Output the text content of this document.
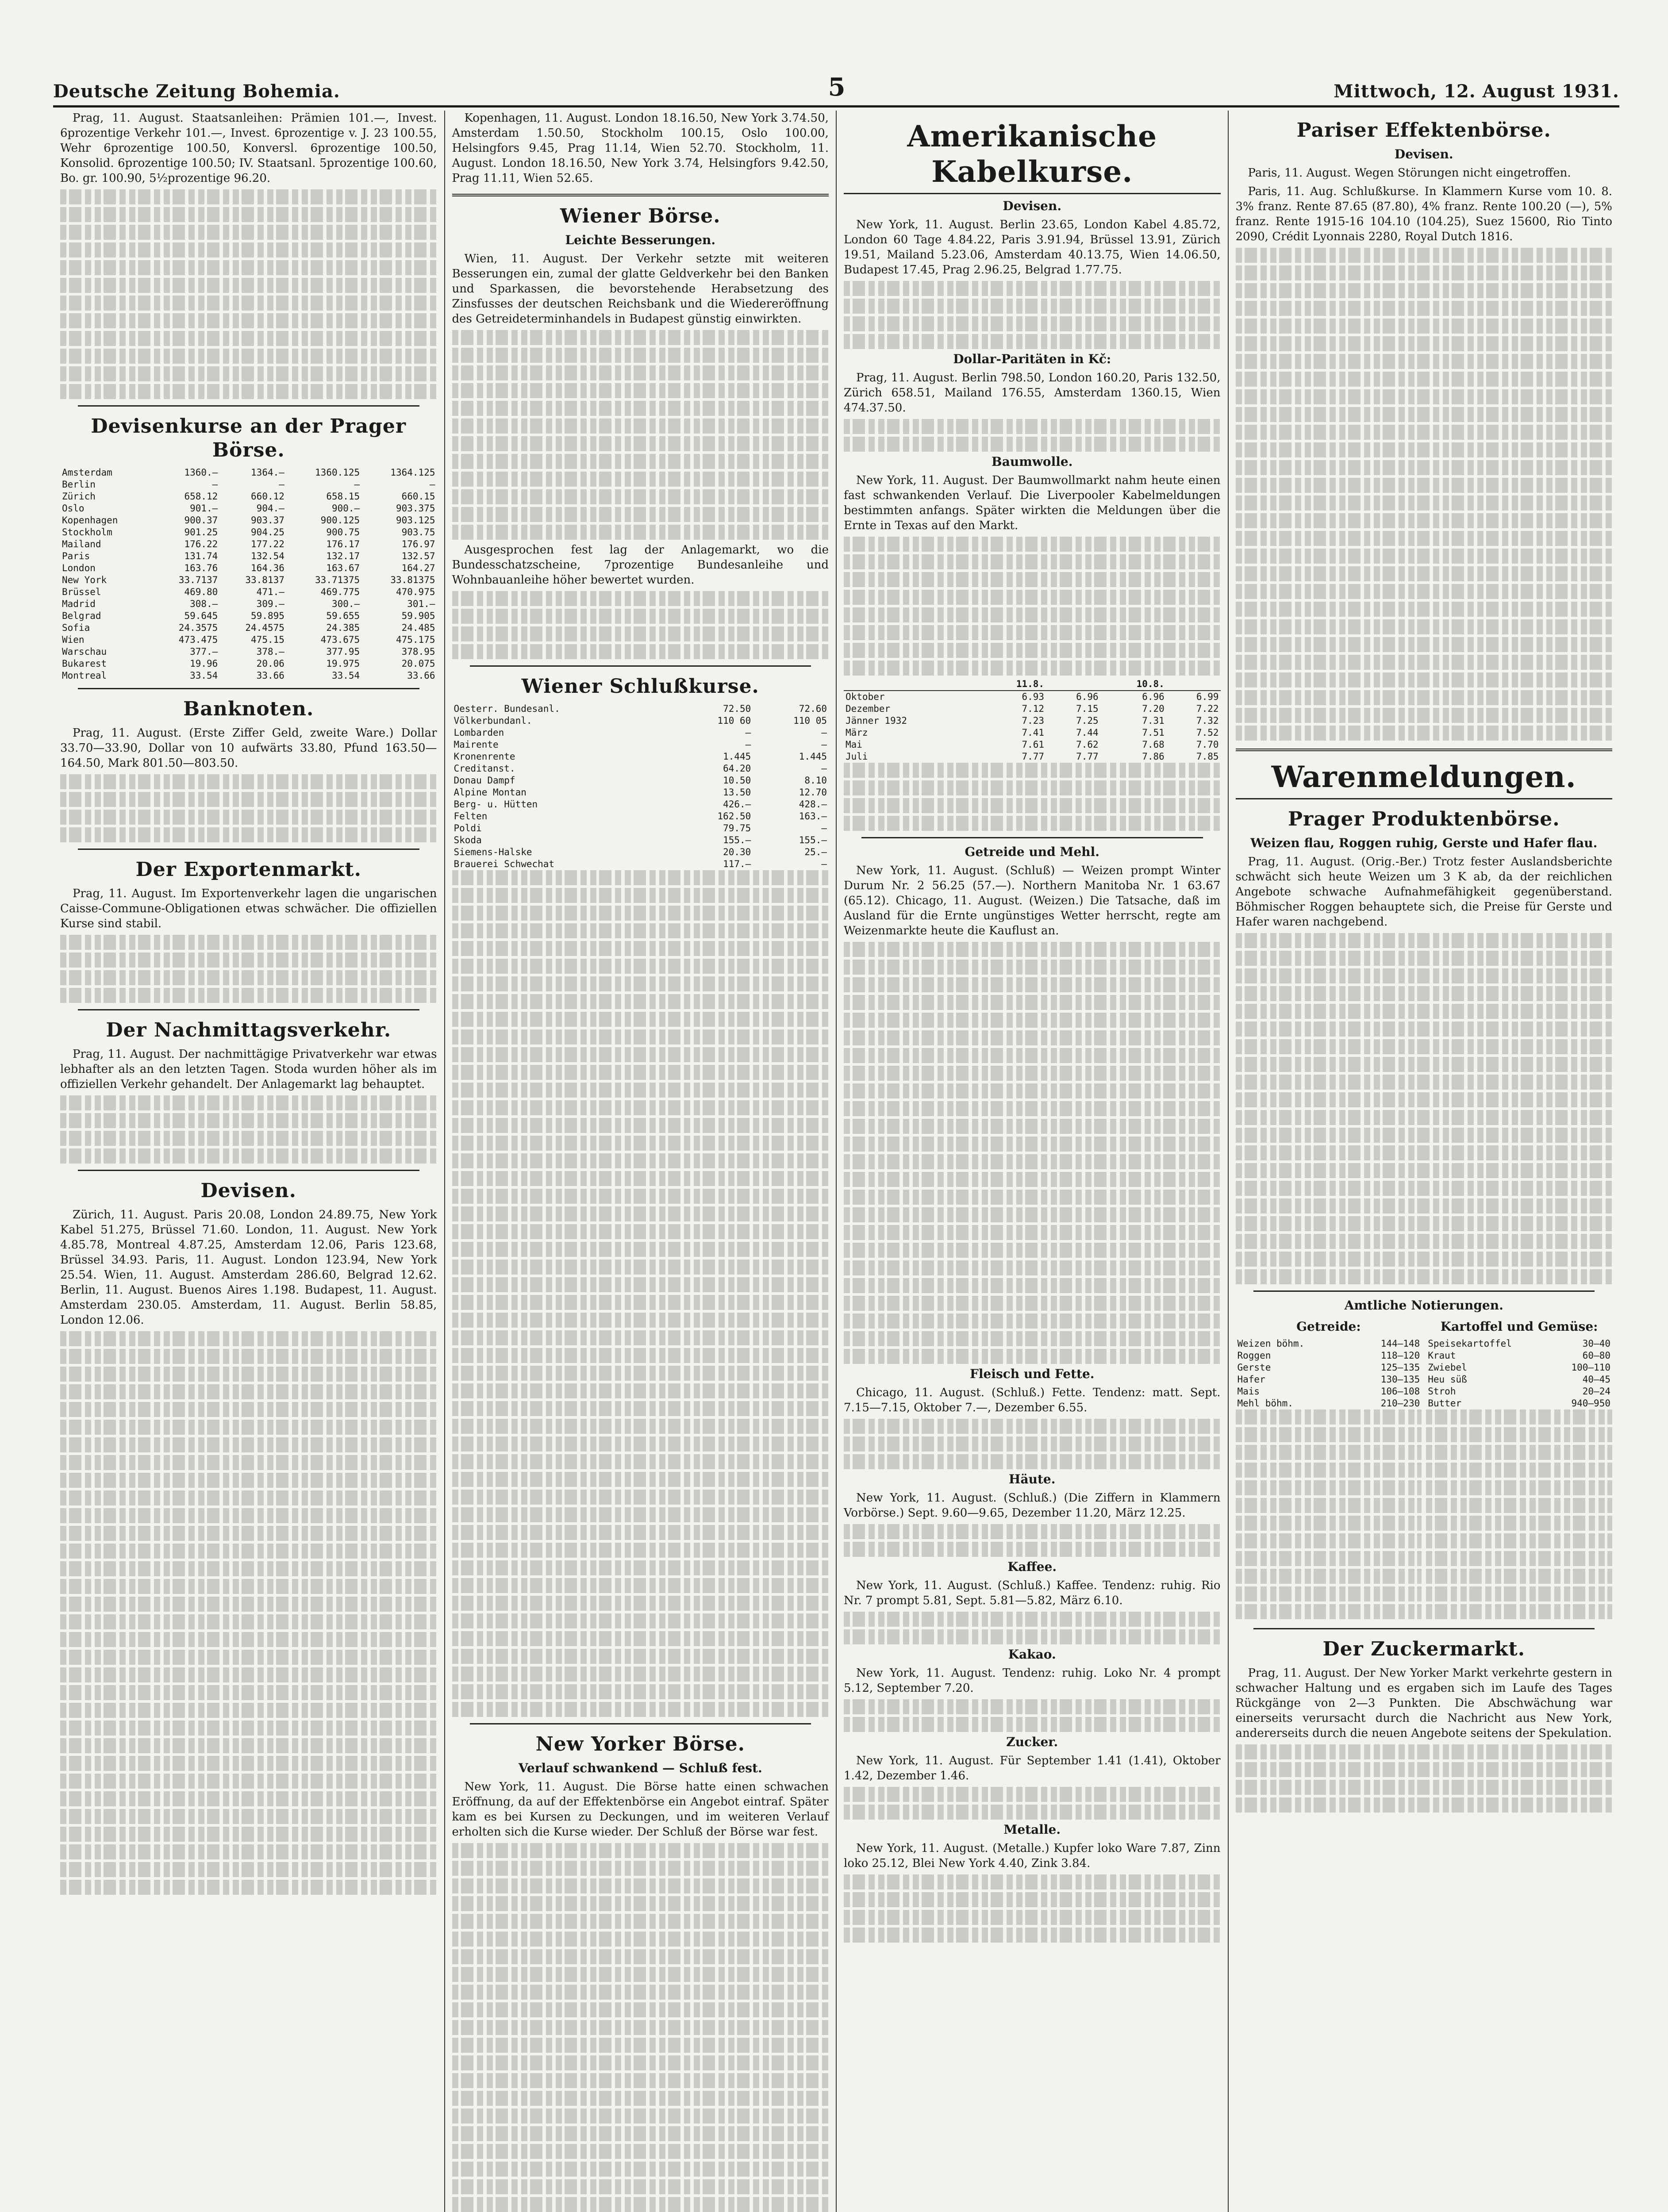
Deutsche Zeitung Bohemia.	5	Mittwoch, 12. August 1931.

Prag, 11. August. Staatsanleihen: Prämien 101.—, Invest. 6prozentige Verkehr 101.—, Invest. 6prozentige v. J. 23 100.55, Wehr 6prozentige 100.50, Konversl. 6prozentige 100.50, Konsolid. 6prozentige 100.50; IV. Staatsanl. 5prozentige 100.60, Bo. gr. 100.90, 5½prozentige 96.20.

Devisenkurse an der Prager Börse.
Amsterdam	1360.—	1364.—	1360.125	1364.125
Berlin	—	—	—	—
Zürich	658.12	660.12	658.15	660.15
Oslo	901.—	904.—	900.—	903.375
Kopenhagen	900.37	903.37	900.125	903.125
Stockholm	901.25	904.25	900.75	903.75
Mailand	176.22	177.22	176.17	176.97
Paris	131.74	132.54	132.17	132.57
London	163.76	164.36	163.67	164.27
New York	33.7137	33.8137	33.71375	33.81375
Brüssel	469.80	471.—	469.775	470.975
Madrid	308.—	309.—	300.—	301.—
Belgrad	59.645	59.895	59.655	59.905
Sofia	24.3575	24.4575	24.385	24.485
Wien	473.475	475.15	473.675	475.175
Warschau	377.—	378.—	377.95	378.95
Bukarest	19.96	20.06	19.975	20.075
Montreal	33.54	33.66	33.54	33.66
Banknoten.

Prag, 11. August. (Erste Ziffer Geld, zweite Ware.) Dollar 33.70—33.90, Dollar von 10 aufwärts 33.80, Pfund 163.50—164.50, Mark 801.50—803.50.

Der Exportenmarkt.

Prag, 11. August. Im Exportenverkehr lagen die ungarischen Caisse-Commune-Obligationen etwas schwächer. Die offiziellen Kurse sind stabil.

Der Nachmittagsverkehr.

Prag, 11. August. Der nachmittägige Privatverkehr war etwas lebhafter als an den letzten Tagen. Stoda wurden höher als im offiziellen Verkehr gehandelt. Der Anlagemarkt lag behauptet.

Devisen.

Zürich, 11. August. Paris 20.08, London 24.89.75, New York Kabel 51.275, Brüssel 71.60. London, 11. August. New York 4.85.78, Montreal 4.87.25, Amsterdam 12.06, Paris 123.68, Brüssel 34.93. Paris, 11. August. London 123.94, New York 25.54. Wien, 11. August. Amsterdam 286.60, Belgrad 12.62. Berlin, 11. August. Buenos Aires 1.198. Budapest, 11. August. Amsterdam 230.05. Amsterdam, 11. August. Berlin 58.85, London 12.06.

Kopenhagen, 11. August. London 18.16.50, New York 3.74.50, Amsterdam 1.50.50, Stockholm 100.15, Oslo 100.00, Helsingfors 9.45, Prag 11.14, Wien 52.70. Stockholm, 11. August. London 18.16.50, New York 3.74, Helsingfors 9.42.50, Prag 11.11, Wien 52.65.

Wiener Börse.
Leichte Besserungen.

Wien, 11. August. Der Verkehr setzte mit weiteren Besserungen ein, zumal der glatte Geldverkehr bei den Banken und Sparkassen, die bevorstehende Herabsetzung des Zinsfusses der deutschen Reichsbank und die Wiedereröffnung des Getreideterminhandels in Budapest günstig einwirkten.

Ausgesprochen fest lag der Anlagemarkt, wo die Bundesschatzscheine, 7prozentige Bundesanleihe und Wohnbauanleihe höher bewertet wurden.

Wiener Schlußkurse.
Oesterr. Bundesanl.	72.50	72.60
Völkerbundanl.	110 60	110 05
Lombarden	—	—
Mairente	—	—
Kronenrente	1.445	1.445
Creditanst.	64.20	—
Donau Dampf	10.50	8.10
Alpine Montan	13.50	12.70
Berg- u. Hütten	426.—	428.—
Felten	162.50	163.—
Poldi	79.75	—
Skoda	155.—	155.—
Siemens-Halske	20.30	25.—
Brauerei Schwechat	117.—	—
New Yorker Börse.
Verlauf schwankend — Schluß fest.

New York, 11. August. Die Börse hatte einen schwachen Eröffnung, da auf der Effektenbörse ein Angebot eintraf. Später kam es bei Kursen zu Deckungen, und im weiteren Verlauf erholten sich die Kurse wieder. Der Schluß der Börse war fest.

Amerikanische Kabelkurse.
Devisen.

New York, 11. August. Berlin 23.65, London Kabel 4.85.72, London 60 Tage 4.84.22, Paris 3.91.94, Brüssel 13.91, Zürich 19.51, Mailand 5.23.06, Amsterdam 40.13.75, Wien 14.06.50, Budapest 17.45, Prag 2.96.25, Belgrad 1.77.75.

Dollar-Paritäten in Kč:

Prag, 11. August. Berlin 798.50, London 160.20, Paris 132.50, Zürich 658.51, Mailand 176.55, Amsterdam 1360.15, Wien 474.37.50.

Baumwolle.

New York, 11. August. Der Baumwollmarkt nahm heute einen fast schwankenden Verlauf. Die Liverpooler Kabelmeldungen bestimmten anfangs. Später wirkten die Meldungen über die Ernte in Texas auf den Markt.

	11.8.		10.8.	
Oktober	6.93	6.96	6.96	6.99
Dezember	7.12	7.15	7.20	7.22
Jänner 1932	7.23	7.25	7.31	7.32
März	7.41	7.44	7.51	7.52
Mai	7.61	7.62	7.68	7.70
Juli	7.77	7.77	7.86	7.85
Getreide und Mehl.

New York, 11. August. (Schluß) — Weizen prompt Winter Durum Nr. 2 56.25 (57.—). Northern Manitoba Nr. 1 63.67 (65.12). Chicago, 11. August. (Weizen.) Die Tatsache, daß im Ausland für die Ernte ungünstiges Wetter herrscht, regte am Weizenmarkte heute die Kauflust an.

Fleisch und Fette.

Chicago, 11. August. (Schluß.) Fette. Tendenz: matt. Sept. 7.15—7.15, Oktober 7.—, Dezember 6.55.

Häute.

New York, 11. August. (Schluß.) (Die Ziffern in Klammern Vorbörse.) Sept. 9.60—9.65, Dezember 11.20, März 12.25.

Kaffee.

New York, 11. August. (Schluß.) Kaffee. Tendenz: ruhig. Rio Nr. 7 prompt 5.81, Sept. 5.81—5.82, März 6.10.

Kakao.

New York, 11. August. Tendenz: ruhig. Loko Nr. 4 prompt 5.12, September 7.20.

Zucker.

New York, 11. August. Für September 1.41 (1.41), Oktober 1.42, Dezember 1.46.

Metalle.

New York, 11. August. (Metalle.) Kupfer loko Ware 7.87, Zinn loko 25.12, Blei New York 4.40, Zink 3.84.

Pariser Effektenbörse.
Devisen.

Paris, 11. August. Wegen Störungen nicht eingetroffen.

Paris, 11. Aug. Schlußkurse. In Klammern Kurse vom 10. 8. 3% franz. Rente 87.65 (87.80), 4% franz. Rente 100.20 (—), 5% franz. Rente 1915-16 104.10 (104.25), Suez 15600, Rio Tinto 2090, Crédit Lyonnais 2280, Royal Dutch 1816.

Warenmeldungen.
Prager Produktenbörse.
Weizen flau, Roggen ruhig, Gerste und Hafer flau.

Prag, 11. August. (Orig.-Ber.) Trotz fester Auslandsberichte schwächt sich heute Weizen um 3 K ab, da der reichlichen Angebote schwache Aufnahmefähigkeit gegenüberstand. Böhmischer Roggen behauptete sich, die Preise für Gerste und Hafer waren nachgebend.

Amtliche Notierungen.
Getreide:
Weizen böhm.	144—148
Roggen	118—120
Gerste	125—135
Hafer	130—135
Mais	106—108
Mehl böhm.	210—230
Kartoffel und Gemüse:
Speisekartoffel	30—40
Kraut	60—80
Zwiebel	100—110
Heu süß	40—45
Stroh	20—24
Butter	940—950
Der Zuckermarkt.

Prag, 11. August. Der New Yorker Markt verkehrte gestern in schwacher Haltung und es ergaben sich im Laufe des Tages Rückgänge von 2—3 Punkten. Die Abschwächung war einerseits verursacht durch die Nachricht aus New York, andererseits durch die neuen Angebote seitens der Spekulation.
